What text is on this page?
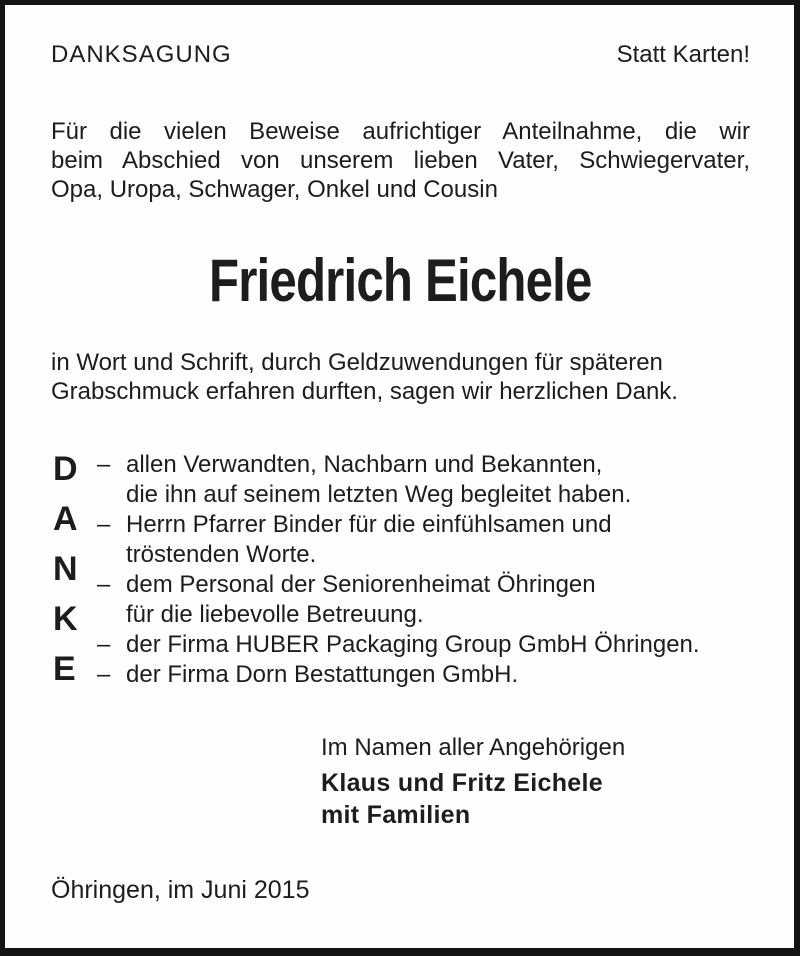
DANKSAGUNG	Statt Karten!
Für die vielen Beweise aufrichtiger Anteilnahme, die wir
beim Abschied von unserem lieben Vater, Schwiegervater,
Opa, Uropa, Schwager, Onkel und Cousin
Friedrich Eichele
in Wort und Schrift, durch Geldzuwendungen für späteren
Grabschmuck erfahren durften, sagen wir herzlichen Dank.
D
A
N
K
E
– allen Verwandten, Nachbarn und Bekannten,
die ihn auf seinem letzten Weg begleitet haben.
– Herrn Pfarrer Binder für die einfühlsamen und
tröstenden Worte.
– dem Personal der Seniorenheimat Öhringen
für die liebevolle Betreuung.
– der Firma HUBER Packaging Group GmbH Öhringen.
– der Firma Dorn Bestattungen GmbH.
Im Namen aller Angehörigen
Klaus und Fritz Eichele
mit Familien
Öhringen, im Juni 2015
